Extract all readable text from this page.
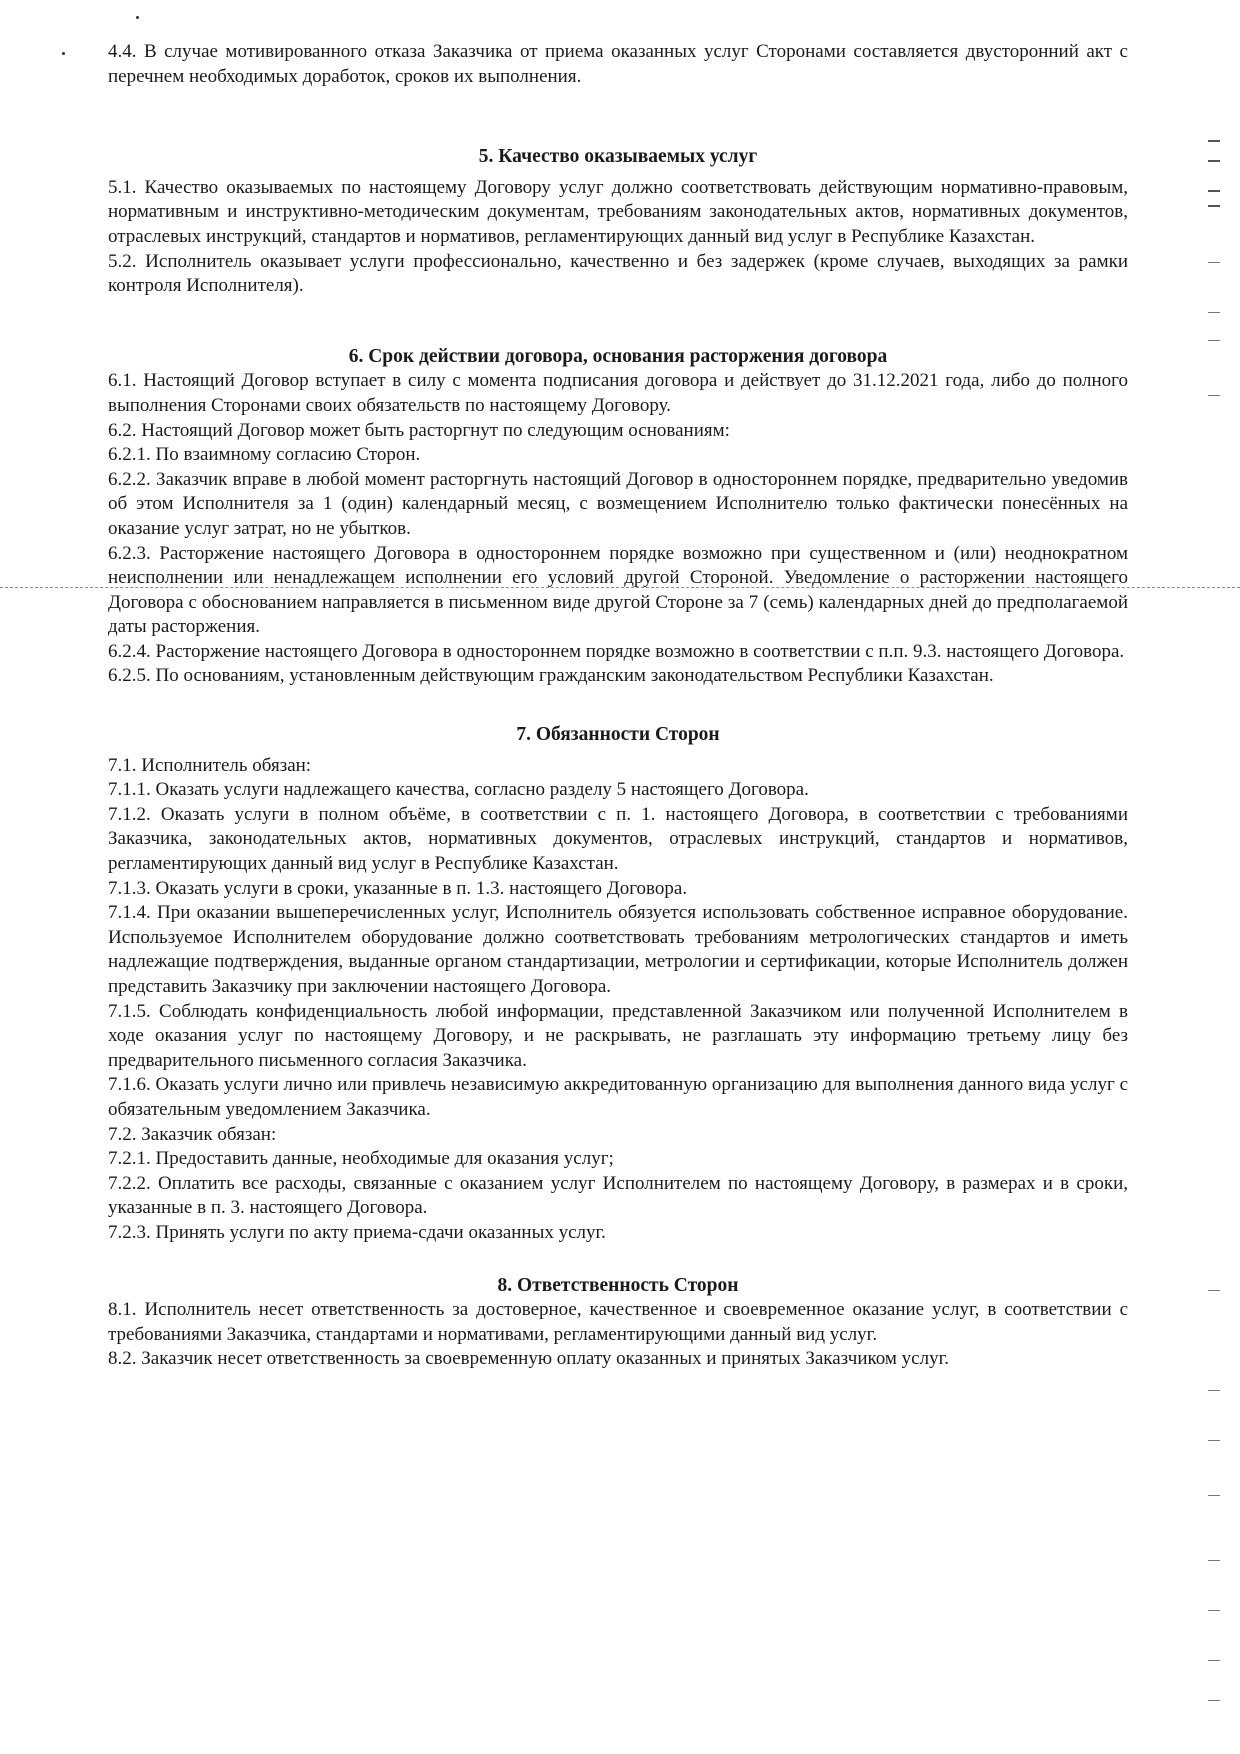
4.4. В случае мотивированного отказа Заказчика от приема оказанных услуг Сторонами составляется двусторонний акт с перечнем необходимых доработок, сроков их выполнения.

5. Качество оказываемых услуг

5.1. Качество оказываемых по настоящему Договору услуг должно соответствовать действующим нормативно-правовым, нормативным и инструктивно-методическим документам, требованиям законодательных актов, нормативных документов, отраслевых инструкций, стандартов и нормативов, регламентирующих данный вид услуг в Республике Казахстан.

5.2. Исполнитель оказывает услуги профессионально, качественно и без задержек (кроме случаев, выходящих за рамки контроля Исполнителя).

6. Срок действии договора, основания расторжения договора

6.1. Настоящий Договор вступает в силу с момента подписания договора и действует до 31.12.2021 года, либо до полного выполнения Сторонами своих обязательств по настоящему Договору.

6.2. Настоящий Договор может быть расторгнут по следующим основаниям:

6.2.1. По взаимному согласию Сторон.

6.2.2. Заказчик вправе в любой момент расторгнуть настоящий Договор в одностороннем порядке, предварительно уведомив об этом Исполнителя за 1 (один) календарный месяц, с возмещением Исполнителю только фактически понесённых на оказание услуг затрат, но не убытков.

6.2.3. Расторжение настоящего Договора в одностороннем порядке возможно при существенном и (или) неоднократном неисполнении или ненадлежащем исполнении его условий другой Стороной. Уведомление о расторжении настоящего Договора с обоснованием направляется в письменном виде другой Стороне за 7 (семь) календарных дней до предполагаемой даты расторжения.

6.2.4. Расторжение настоящего Договора в одностороннем порядке возможно в соответствии с п.п. 9.3. настоящего Договора.

6.2.5. По основаниям, установленным действующим гражданским законодательством Республики Казахстан.

7. Обязанности Сторон

7.1. Исполнитель обязан:

7.1.1. Оказать услуги надлежащего качества, согласно разделу 5 настоящего Договора.

7.1.2. Оказать услуги в полном объёме, в соответствии с п. 1. настоящего Договора, в соответствии с требованиями Заказчика, законодательных актов, нормативных документов, отраслевых инструкций, стандартов и нормативов, регламентирующих данный вид услуг в Республике Казахстан.

7.1.3. Оказать услуги в сроки, указанные в п. 1.3. настоящего Договора.

7.1.4. При оказании вышеперечисленных услуг, Исполнитель обязуется использовать собственное исправное оборудование. Используемое Исполнителем оборудование должно соответствовать требованиям метрологических стандартов и иметь надлежащие подтверждения, выданные органом стандартизации, метрологии и сертификации, которые Исполнитель должен представить Заказчику при заключении настоящего Договора.

7.1.5. Соблюдать конфиденциальность любой информации, представленной Заказчиком или полученной Исполнителем в ходе оказания услуг по настоящему Договору, и не раскрывать, не разглашать эту информацию третьему лицу без предварительного письменного согласия Заказчика.

7.1.6. Оказать услуги лично или привлечь независимую аккредитованную организацию для выполнения данного вида услуг с обязательным уведомлением Заказчика.

7.2. Заказчик обязан:

7.2.1. Предоставить данные, необходимые для оказания услуг;

7.2.2. Оплатить все расходы, связанные с оказанием услуг Исполнителем по настоящему Договору, в размерах и в сроки, указанные в п. 3. настоящего Договора.

7.2.3. Принять услуги по акту приема-сдачи оказанных услуг.

8. Ответственность Сторон

8.1. Исполнитель несет ответственность за достоверное, качественное и своевременное оказание услуг, в соответствии с требованиями Заказчика, стандартами и нормативами, регламентирующими данный вид услуг.

8.2. Заказчик несет ответственность за своевременную оплату оказанных и принятых Заказчиком услуг.
